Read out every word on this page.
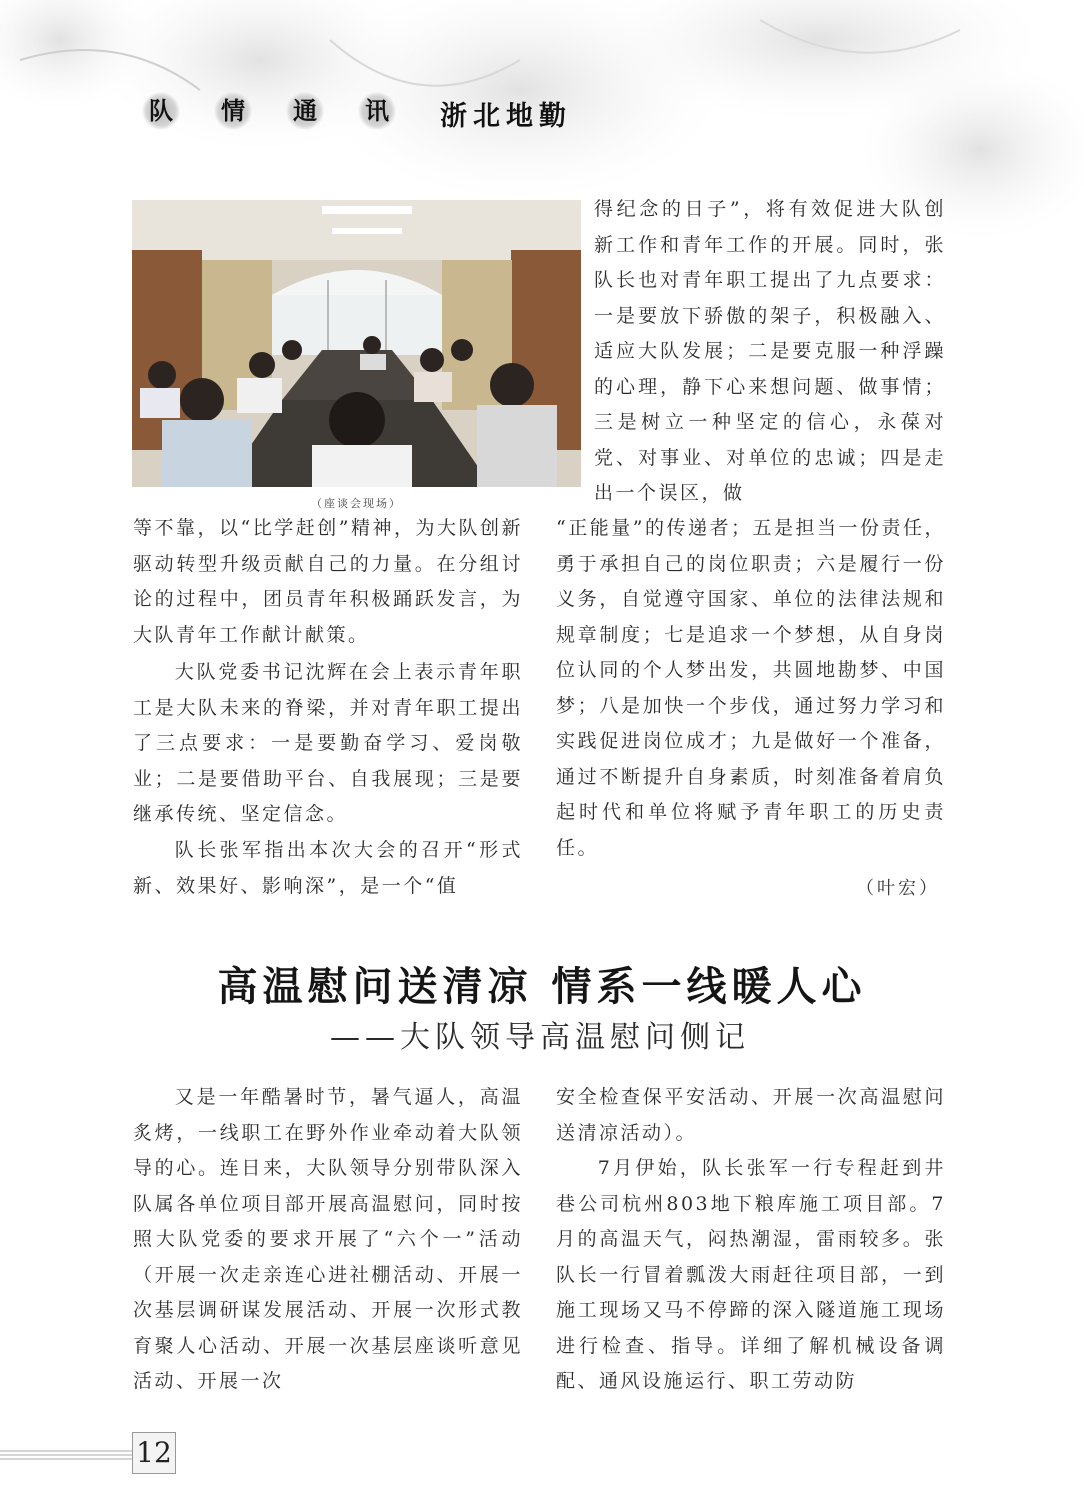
队 情 通 讯 浙北地勤
（座谈会现场）
得纪念的日子”，将有效促进大队创新工作和青年工作的开展。同时，张队长也对青年职工提出了九点要求：一是要放下骄傲的架子，积极融入、适应大队发展；二是要克服一种浮躁的心理，静下心来想问题、做事情；三是树立一种坚定的信心，永葆对党、对事业、对单位的忠诚；四是走出一个误区，做
“正能量”的传递者；五是担当一份责任，勇于承担自己的岗位职责；六是履行一份义务，自觉遵守国家、单位的法律法规和规章制度；七是追求一个梦想，从自身岗位认同的个人梦出发，共圆地勘梦、中国梦；八是加快一个步伐，通过努力学习和实践促进岗位成才；九是做好一个准备，通过不断提升自身素质，时刻准备着肩负起时代和单位将赋予青年职工的历史责任。
等不靠，以“比学赶创”精神，为大队创新驱动转型升级贡献自己的力量。在分组讨论的过程中，团员青年积极踊跃发言，为大队青年工作献计献策。
大队党委书记沈辉在会上表示青年职工是大队未来的脊梁，并对青年职工提出了三点要求：一是要勤奋学习、爱岗敬业；二是要借助平台、自我展现；三是要继承传统、坚定信念。
队长张军指出本次大会的召开“形式新、效果好、影响深”，是一个“值	（叶宏）
高温慰问送清凉 情系一线暖人心
——大队领导高温慰问侧记
又是一年酷暑时节，暑气逼人，高温炙烤，一线职工在野外作业牵动着大队领导的心。连日来，大队领导分别带队深入队属各单位项目部开展高温慰问，同时按照大队党委的要求开展了“六个一”活动（开展一次走亲连心进社棚活动、开展一次基层调研谋发展活动、开展一次形式教育聚人心活动、开展一次基层座谈听意见活动、开展一次
安全检查保平安活动、开展一次高温慰问送清凉活动）。
7月伊始，队长张军一行专程赶到井巷公司杭州803地下粮库施工项目部。7月的高温天气，闷热潮湿，雷雨较多。张队长一行冒着瓢泼大雨赶往项目部，一到施工现场又马不停蹄的深入隧道施工现场进行检查、指导。详细了解机械设备调配、通风设施运行、职工劳动防
12
